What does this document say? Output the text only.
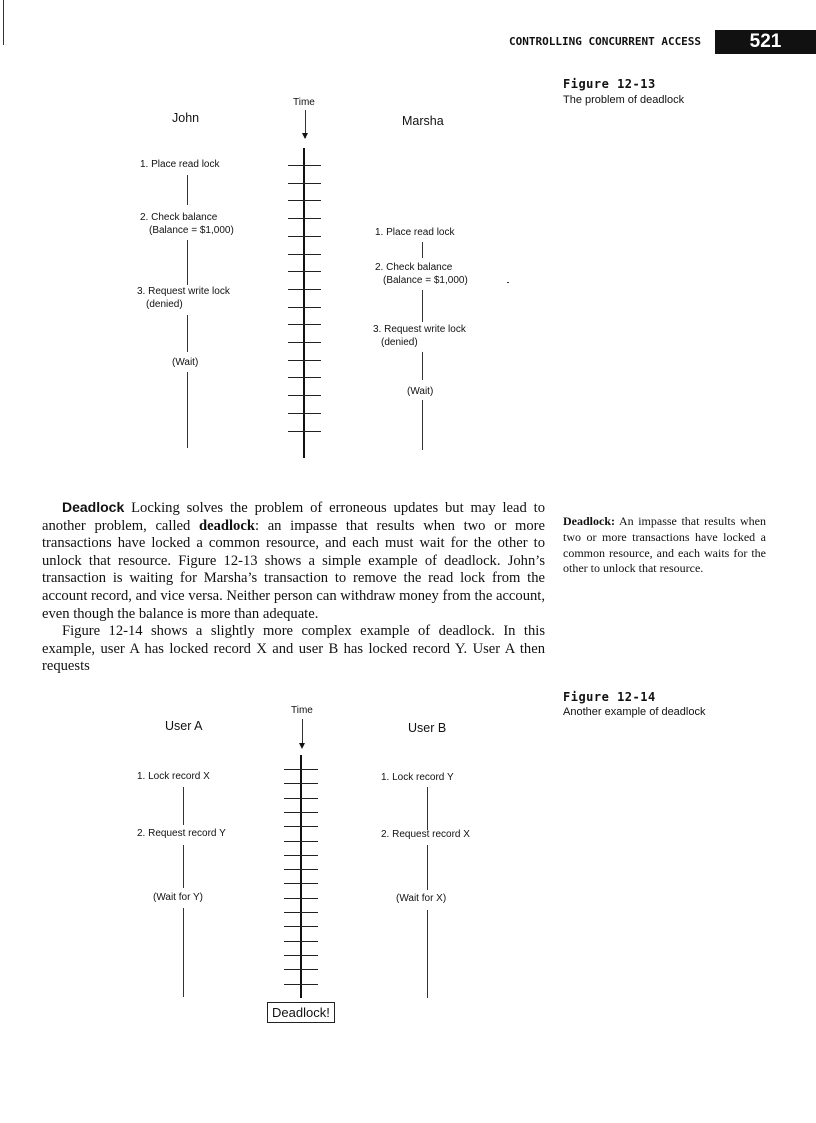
CONTROLLING CONCURRENT ACCESS	521
Figure 12-13
The problem of deadlock
Time
John	Marsha
1. Place read lock
2. Check balance
(Balance = $1,000)
3. Request write lock
(denied)
(Wait)
1. Place read lock
2. Check balance
(Balance = $1,000)
3. Request write lock
(denied)
(Wait)

Deadlock Locking solves the problem of erroneous updates but may lead to another problem, called deadlock: an impasse that results when two or more transactions have locked a common resource, and each must wait for the other to unlock that resource. Figure 12-13 shows a simple example of deadlock. John’s transaction is waiting for Marsha’s transaction to remove the read lock from the account record, and vice versa. Neither person can withdraw money from the account, even though the balance is more than adequate.

Figure 12-14 shows a slightly more complex example of deadlock. In this example, user A has locked record X and user B has locked record Y. User A then requests

Deadlock: An impasse that results when two or more transactions have locked a common resource, and each waits for the other to unlock that resource.
Figure 12-14
Another example of deadlock
Time
User A	User B
1. Lock record X
2. Request record Y
(Wait for Y)
1. Lock record Y
2. Request record X
(Wait for X)
Deadlock!
